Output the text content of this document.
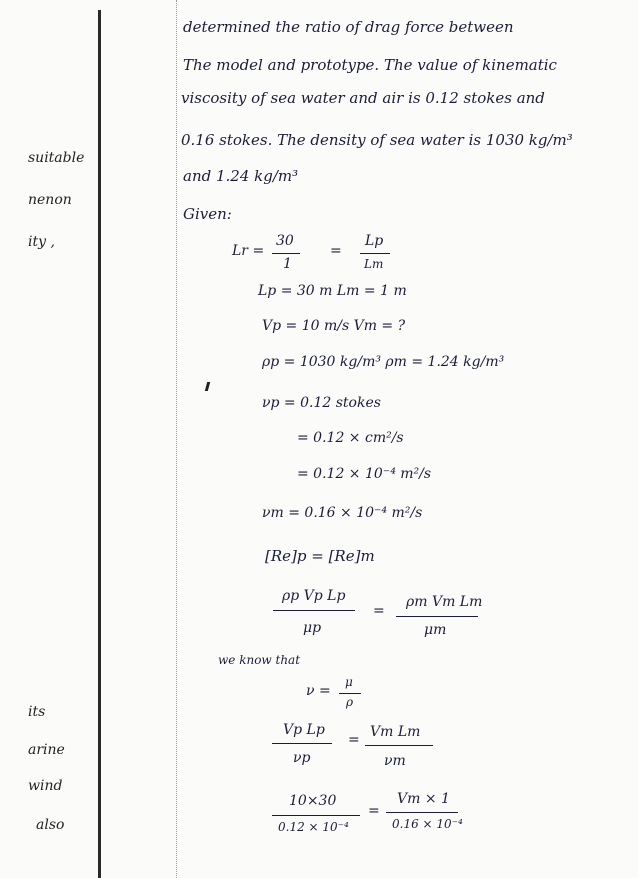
suitable
nenon
ity ,
its
arine
wind
also
determined the ratio of drag force between
The model and prototype. The value of kinematic
viscosity of sea water and air is 0.12 stokes and
0.16 stokes. The density of sea water is 1030 kg/m³
and 1.24 kg/m³
Given:
Lr =
30
1
=
Lp
Lm
Lp = 30 m Lm = 1 m
Vp = 10 m/s Vm = ?
ρp = 1030 kg/m³ ρm = 1.24 kg/m³
νp = 0.12 stokes
= 0.12 × cm²/s
= 0.12 × 10⁻⁴ m²/s
νm = 0.16 × 10⁻⁴ m²/s
[Re]p = [Re]m
ρp Vp Lp
μp
=
ρm Vm Lm
μm
we know that
ν =
μ
ρ
Vp Lp
νp
= Vm Lm
νm
10×30
0.12 × 10⁻⁴
=
Vm × 1
0.16 × 10⁻⁴
